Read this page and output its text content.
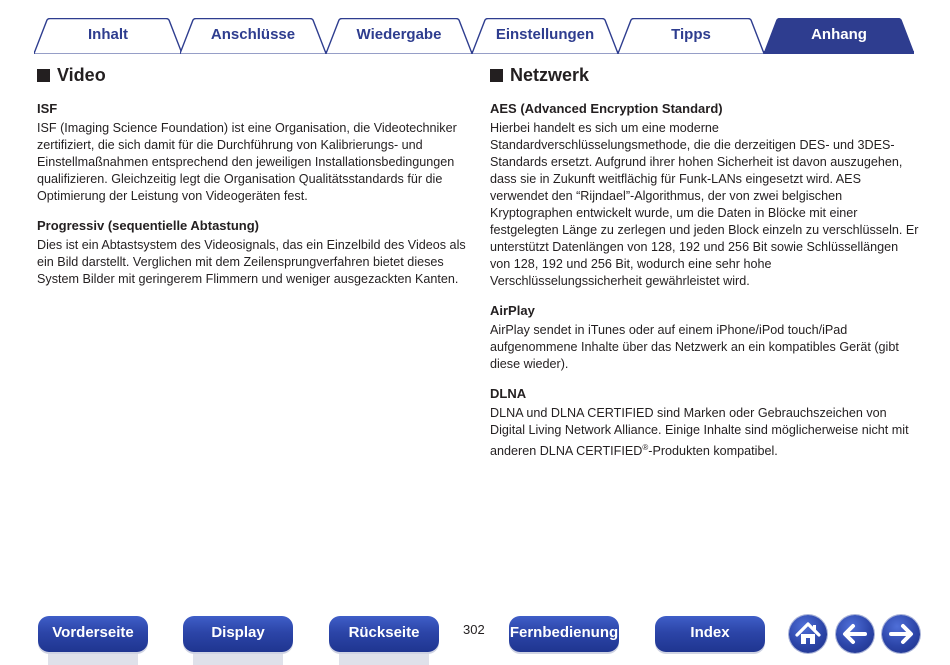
Inhalt	Anschlüsse	Wiedergabe	Einstellungen	Tipps	Anhang
Video
ISF

ISF (Imaging Science Foundation) ist eine Organisation, die Videotechniker zertifiziert, die sich damit für die Durchführung von Kalibrierungs- und Einstellmaßnahmen entsprechend den jeweiligen Installationsbedingungen qualifizieren. Gleichzeitig legt die Organisation Qualitätsstandards für die Optimierung der Leistung von Videogeräten fest.

Progressiv (sequentielle Abtastung)

Dies ist ein Abtastsystem des Videosignals, das ein Einzelbild des Videos als ein Bild darstellt. Verglichen mit dem Zeilensprungverfahren bietet dieses System Bilder mit geringerem Flimmern und weniger ausgezackten Kanten.

Netzwerk
AES (Advanced Encryption Standard)

Hierbei handelt es sich um eine moderne Standardverschlüsselungsmethode, die die derzeitigen DES- und 3DES-Standards ersetzt. Aufgrund ihrer hohen Sicherheit ist davon auszugehen, dass sie in Zukunft weitflächig für Funk-LANs eingesetzt wird. AES verwendet den “Rijndael”-Algorithmus, der von zwei belgischen Kryptographen entwickelt wurde, um die Daten in Blöcke mit einer festgelegten Länge zu zerlegen und jeden Block einzeln zu verschlüsseln. Er unterstützt Datenlängen von 128, 192 und 256 Bit sowie Schlüssellängen von 128, 192 und 256 Bit, wodurch eine sehr hohe Verschlüsselungssicherheit gewährleistet wird.

AirPlay

AirPlay sendet in iTunes oder auf einem iPhone/iPod touch/iPad aufgenommene Inhalte über das Netzwerk an ein kompatibles Gerät (gibt diese wieder).

DLNA

DLNA und DLNA CERTIFIED sind Marken oder Gebrauchszeichen von Digital Living Network Alliance. Einige Inhalte sind möglicherweise nicht mit anderen DLNA CERTIFIED®-Produkten kompatibel.

Vorderseite	Display	Rückseite	302 Fernbedienung	Index
